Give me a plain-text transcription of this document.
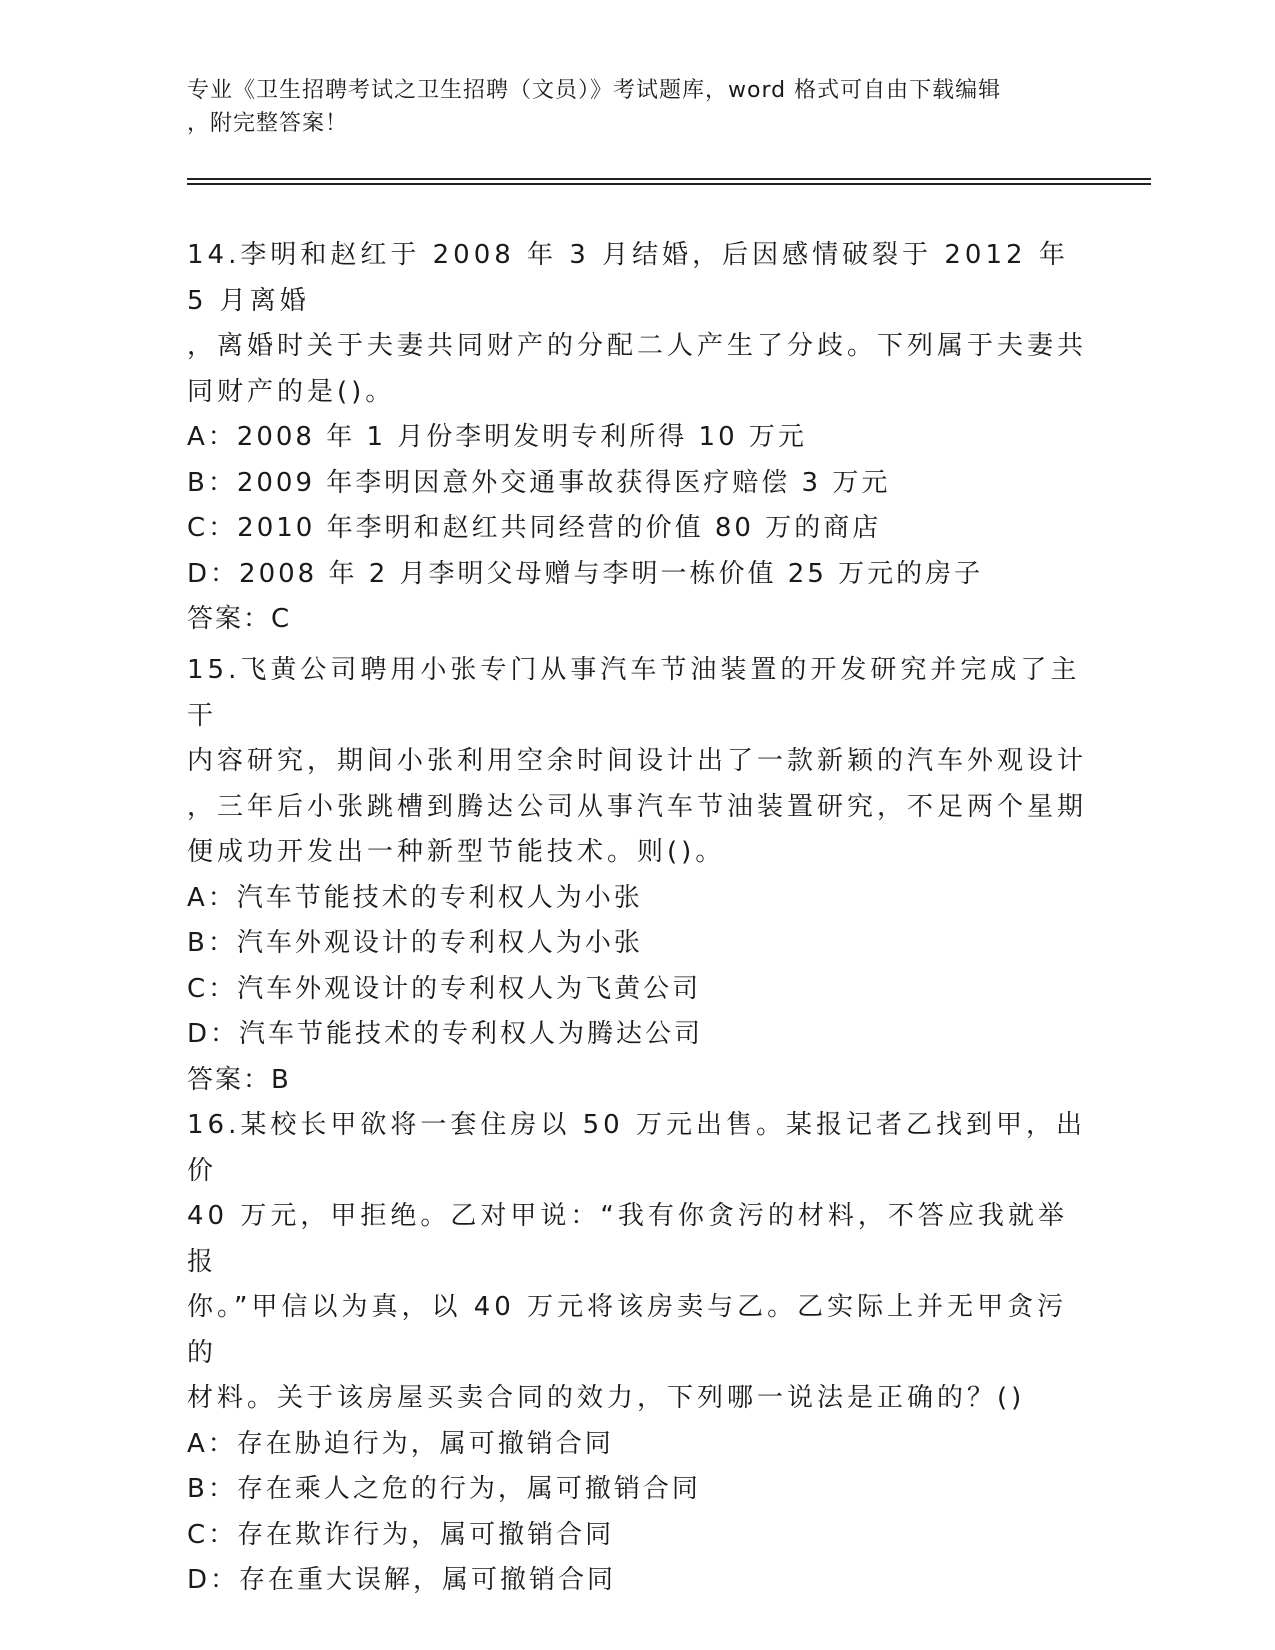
专业《卫生招聘考试之卫生招聘（文员）》考试题库，word 格式可自由下载编辑
，附完整答案！

14.李明和赵红于 2008 年 3 月结婚，后因感情破裂于 2012 年 5 月离婚
，离婚时关于夫妻共同财产的分配二人产生了分歧。下列属于夫妻共
同财产的是()。

A：2008 年 1 月份李明发明专利所得 10 万元

B：2009 年李明因意外交通事故获得医疗赔偿 3 万元

C：2010 年李明和赵红共同经营的价值 80 万的商店

D：2008 年 2 月李明父母赠与李明一栋价值 25 万元的房子

答案：C

15.飞黄公司聘用小张专门从事汽车节油装置的开发研究并完成了主干
内容研究，期间小张利用空余时间设计出了一款新颖的汽车外观设计
，三年后小张跳槽到腾达公司从事汽车节油装置研究，不足两个星期
便成功开发出一种新型节能技术。则()。

A：汽车节能技术的专利权人为小张

B：汽车外观设计的专利权人为小张

C：汽车外观设计的专利权人为飞黄公司

D：汽车节能技术的专利权人为腾达公司

答案：B

16.某校长甲欲将一套住房以 50 万元出售。某报记者乙找到甲，出价
40 万元，甲拒绝。乙对甲说：“我有你贪污的材料，不答应我就举报
你。”甲信以为真，以 40 万元将该房卖与乙。乙实际上并无甲贪污的
材料。关于该房屋买卖合同的效力，下列哪一说法是正确的？()

A：存在胁迫行为，属可撤销合同

B：存在乘人之危的行为，属可撤销合同

C：存在欺诈行为，属可撤销合同

D：存在重大误解，属可撤销合同
